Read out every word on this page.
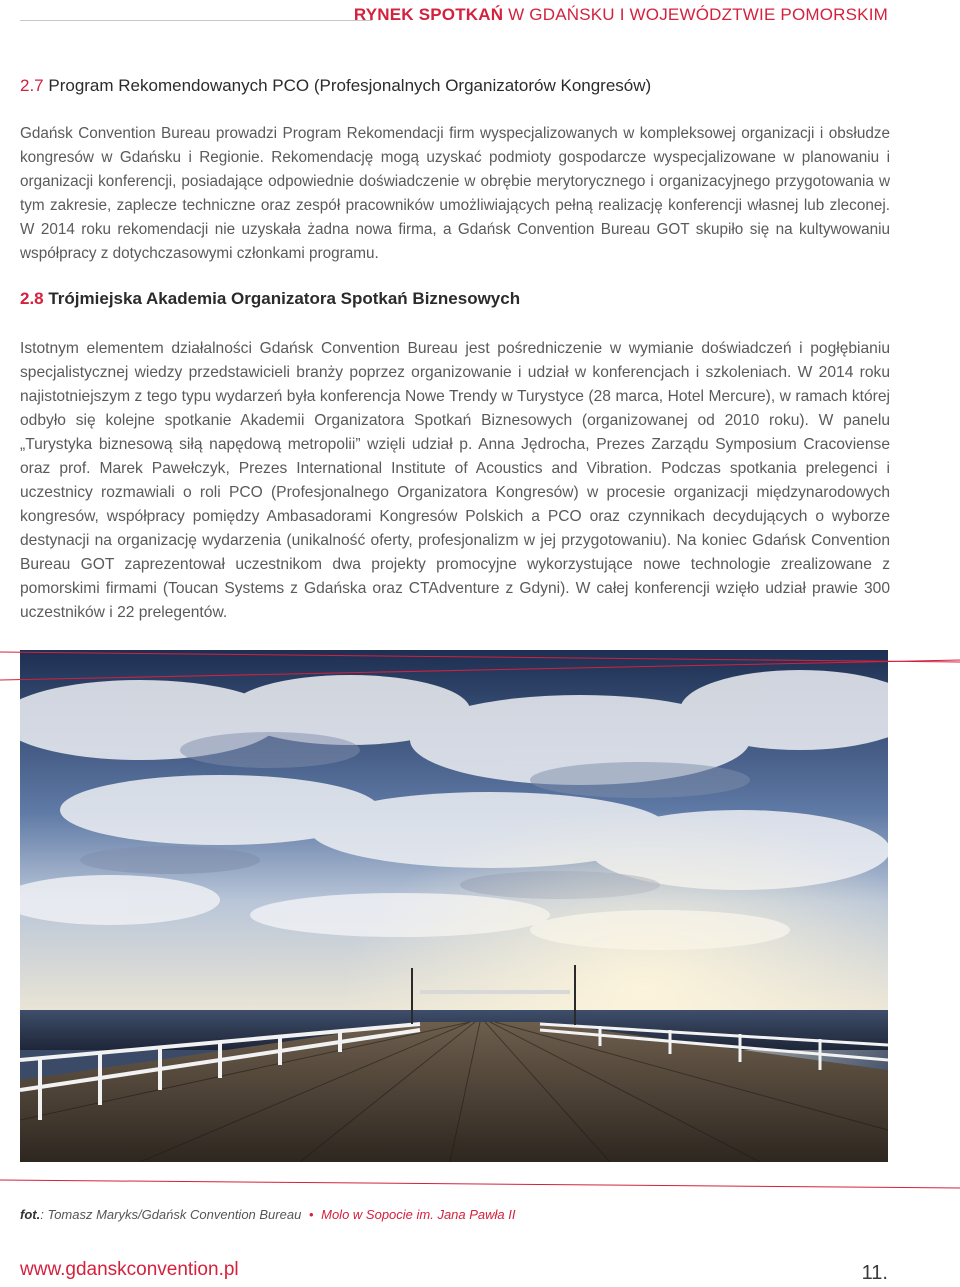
RYNEK SPOTKAŃ W GDAŃSKU I WOJEWÓDZTWIE POMORSKIM
2.7 Program Rekomendowanych PCO (Profesjonalnych Organizatorów Kongresów)

Gdańsk Convention Bureau prowadzi Program Rekomendacji firm wyspecjalizowanych w kompleksowej organizacji i obsłudze kongresów w Gdańsku i Regionie. Rekomendację mogą uzyskać podmioty gospodarcze wyspecjalizowane w planowaniu i organizacji konferencji, posiadające odpowiednie doświadczenie w obrębie merytorycznego i organizacyjnego przygotowania w tym zakresie, zaplecze techniczne oraz zespół pracowników umożliwiających pełną realizację konferencji własnej lub zleconej. W 2014 roku rekomendacji nie uzyskała żadna nowa firma, a Gdańsk Convention Bureau GOT skupiło się na kultywowaniu współpracy z dotychczasowymi członkami programu.

2.8 Trójmiejska Akademia Organizatora Spotkań Biznesowych

Istotnym elementem działalności Gdańsk Convention Bureau jest pośredniczenie w wymianie doświadczeń i pogłębianiu specjalistycznej wiedzy przedstawicieli branży poprzez organizowanie i udział w konferencjach i szkoleniach. W 2014 roku najistotniejszym z tego typu wydarzeń była konferencja Nowe Trendy w Turystyce (28 marca, Hotel Mercure), w ramach której odbyło się kolejne spotkanie Akademii Organizatora Spotkań Biznesowych (organizowanej od 2010 roku). W panelu „Turystyka biznesową siłą napędową metropolii” wzięli udział p. Anna Jędrocha, Prezes Zarządu Symposium Cracoviense oraz prof. Marek Pawełczyk, Prezes International Institute of Acoustics and Vibration. Podczas spotkania prelegenci i uczestnicy rozmawiali o roli PCO (Profesjonalnego Organizatora Kongresów) w procesie organizacji międzynarodowych kongresów, współpracy pomiędzy Ambasadorami Kongresów Polskich a PCO oraz czynnikach decydujących o wyborze destynacji na organizację wydarzenia (unikalność oferty, profesjonalizm w jej przygotowaniu). Na koniec Gdańsk Convention Bureau GOT zaprezentował uczestnikom dwa projekty promocyjne wykorzystujące nowe technologie zrealizowane z pomorskimi firmami (Toucan Systems z Gdańska oraz CTAdventure z Gdyni). W całej konferencji wzięło udział prawie 300 uczestników i 22 prelegentów.

fot.: Tomasz Maryks/Gdańsk Convention Bureau • Molo w Sopocie im. Jana Pawła II
www.gdanskconvention.pl	11.
